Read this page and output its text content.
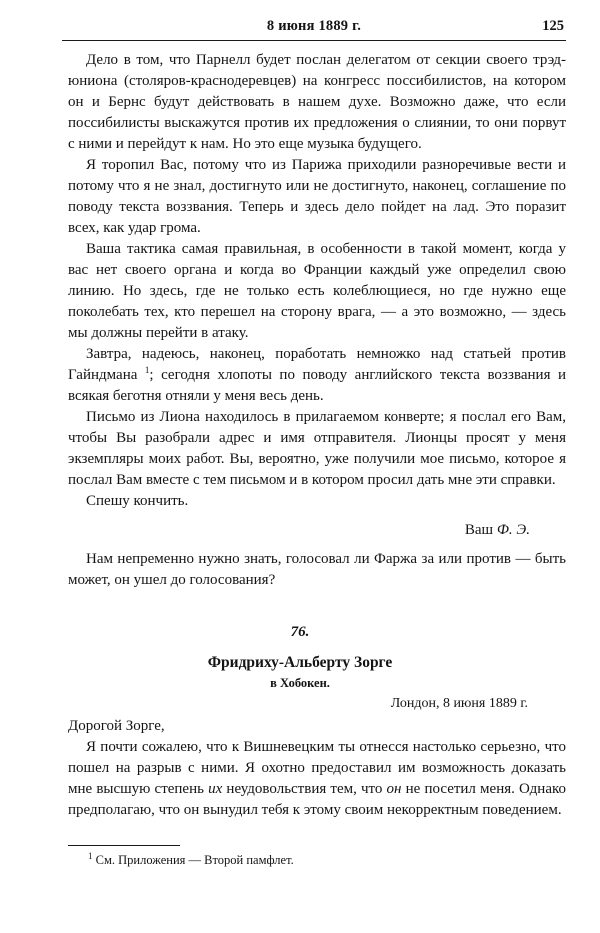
8 июня 1889 г.	125

Дело в том, что Парнелл будет послан делегатом от секции своего трэд-юниона (столяров-краснодеревцев) на конгресс поссибилистов, на котором он и Бернс будут действовать в нашем духе. Возможно даже, что если поссибилисты выскажутся против их предложения о слиянии, то они порвут с ними и перейдут к нам. Но это еще музыка будущего.

Я торопил Вас, потому что из Парижа приходили разноречивые вести и потому что я не знал, достигнуто или не достигнуто, наконец, соглашение по поводу текста воззвания. Теперь и здесь дело пойдет на лад. Это поразит всех, как удар грома.

Ваша тактика самая правильная, в особенности в такой момент, когда у вас нет своего органа и когда во Франции каждый уже определил свою линию. Но здесь, где не только есть колеблющиеся, но где нужно еще поколебать тех, кто перешел на сторону врага, — а это возможно, — здесь мы должны перейти в атаку.

Завтра, надеюсь, наконец, поработать немножко над статьей против Гайндмана $^1$; сегодня хлопоты по поводу английского текста воззвания и всякая беготня отняли у меня весь день.

Письмо из Лиона находилось в прилагаемом конверте; я послал его Вам, чтобы Вы разобрали адрес и имя отправителя. Лионцы просят у меня экземпляры моих работ. Вы, вероятно, уже получили мое письмо, которое я послал Вам вместе с тем письмом и в котором просил дать мне эти справки.

Спешу кончить.

Ваш Ф. Э.

Нам непременно нужно знать, голосовал ли Фаржа за или против — быть может, он ушел до голосования?

76.
Фридриху-Альберту Зорге
в Хобокен.
Лондон, 8 июня 1889 г.

Дорогой Зорге,

Я почти сожалею, что к Вишневецким ты отнесся настолько серьезно, что пошел на разрыв с ними. Я охотно предоставил им возможность доказать мне высшую степень их неудовольствия тем, что он не посетил меня. Однако предполагаю, что он вынудил тебя к этому своим некорректным поведением.

$^1$ См. Приложения — Второй памфлет.
